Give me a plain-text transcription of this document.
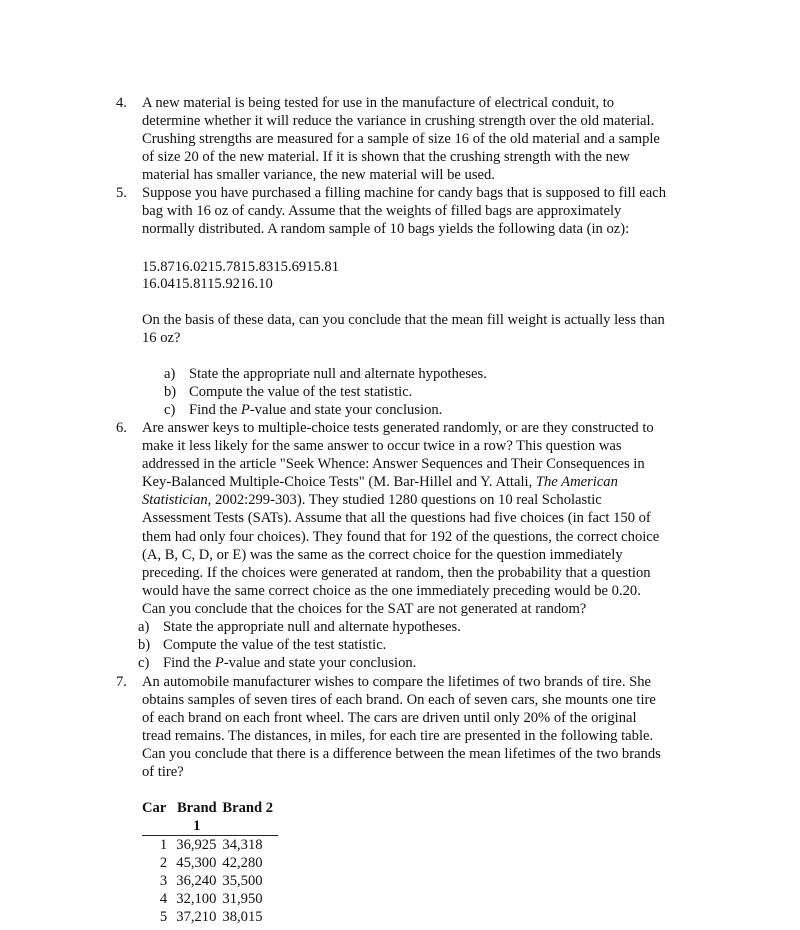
4.	A new material is being tested for use in the manufacture of electrical conduit, to
determine whether it will reduce the variance in crushing strength over the old material.
Crushing strengths are measured for a sample of size 16 of the old material and a sample
of size 20 of the new material. If it is shown that the crushing strength with the new
material has smaller variance, the new material will be used.
5.	Suppose you have purchased a filling machine for candy bags that is supposed to fill each
bag with 16 oz of candy. Assume that the weights of filled bags are approximately
normally distributed. A random sample of 10 bags yields the following data (in oz):
15.8716.0215.7815.8315.6915.81
16.0415.8115.9216.10
On the basis of these data, can you conclude that the mean fill weight is actually less than
16 oz?
a) State the appropriate null and alternate hypotheses.
b) Compute the value of the test statistic.
c) Find the P-value and state your conclusion.
6.	Are answer keys to multiple-choice tests generated randomly, or are they constructed to
make it less likely for the same answer to occur twice in a row? This question was
addressed in the article "Seek Whence: Answer Sequences and Their Consequences in
Key-Balanced Multiple-Choice Tests" (M. Bar-Hillel and Y. Attali, The American
Statistician, 2002:299-303). They studied 1280 questions on 10 real Scholastic
Assessment Tests (SATs). Assume that all the questions had five choices (in fact 150 of
them had only four choices). They found that for 192 of the questions, the correct choice
(A, B, C, D, or E) was the same as the correct choice for the question immediately
preceding. If the choices were generated at random, then the probability that a question
would have the same correct choice as the one immediately preceding would be 0.20.
Can you conclude that the choices for the SAT are not generated at random?
a) State the appropriate null and alternate hypotheses.
b) Compute the value of the test statistic.
c) Find the P-value and state your conclusion.
7.	An automobile manufacturer wishes to compare the lifetimes of two brands of tire. She
obtains samples of seven tires of each brand. On each of seven cars, she mounts one tire
of each brand on each front wheel. The cars are driven until only 20% of the original
tread remains. The distances, in miles, for each tire are presented in the following table.
Can you conclude that there is a difference between the mean lifetimes of the two brands
of tire?
Car	Brand 1	Brand 2
1	36,925	34,318
2	45,300	42,280
3	36,240	35,500
4	32,100	31,950
5	37,210	38,015
